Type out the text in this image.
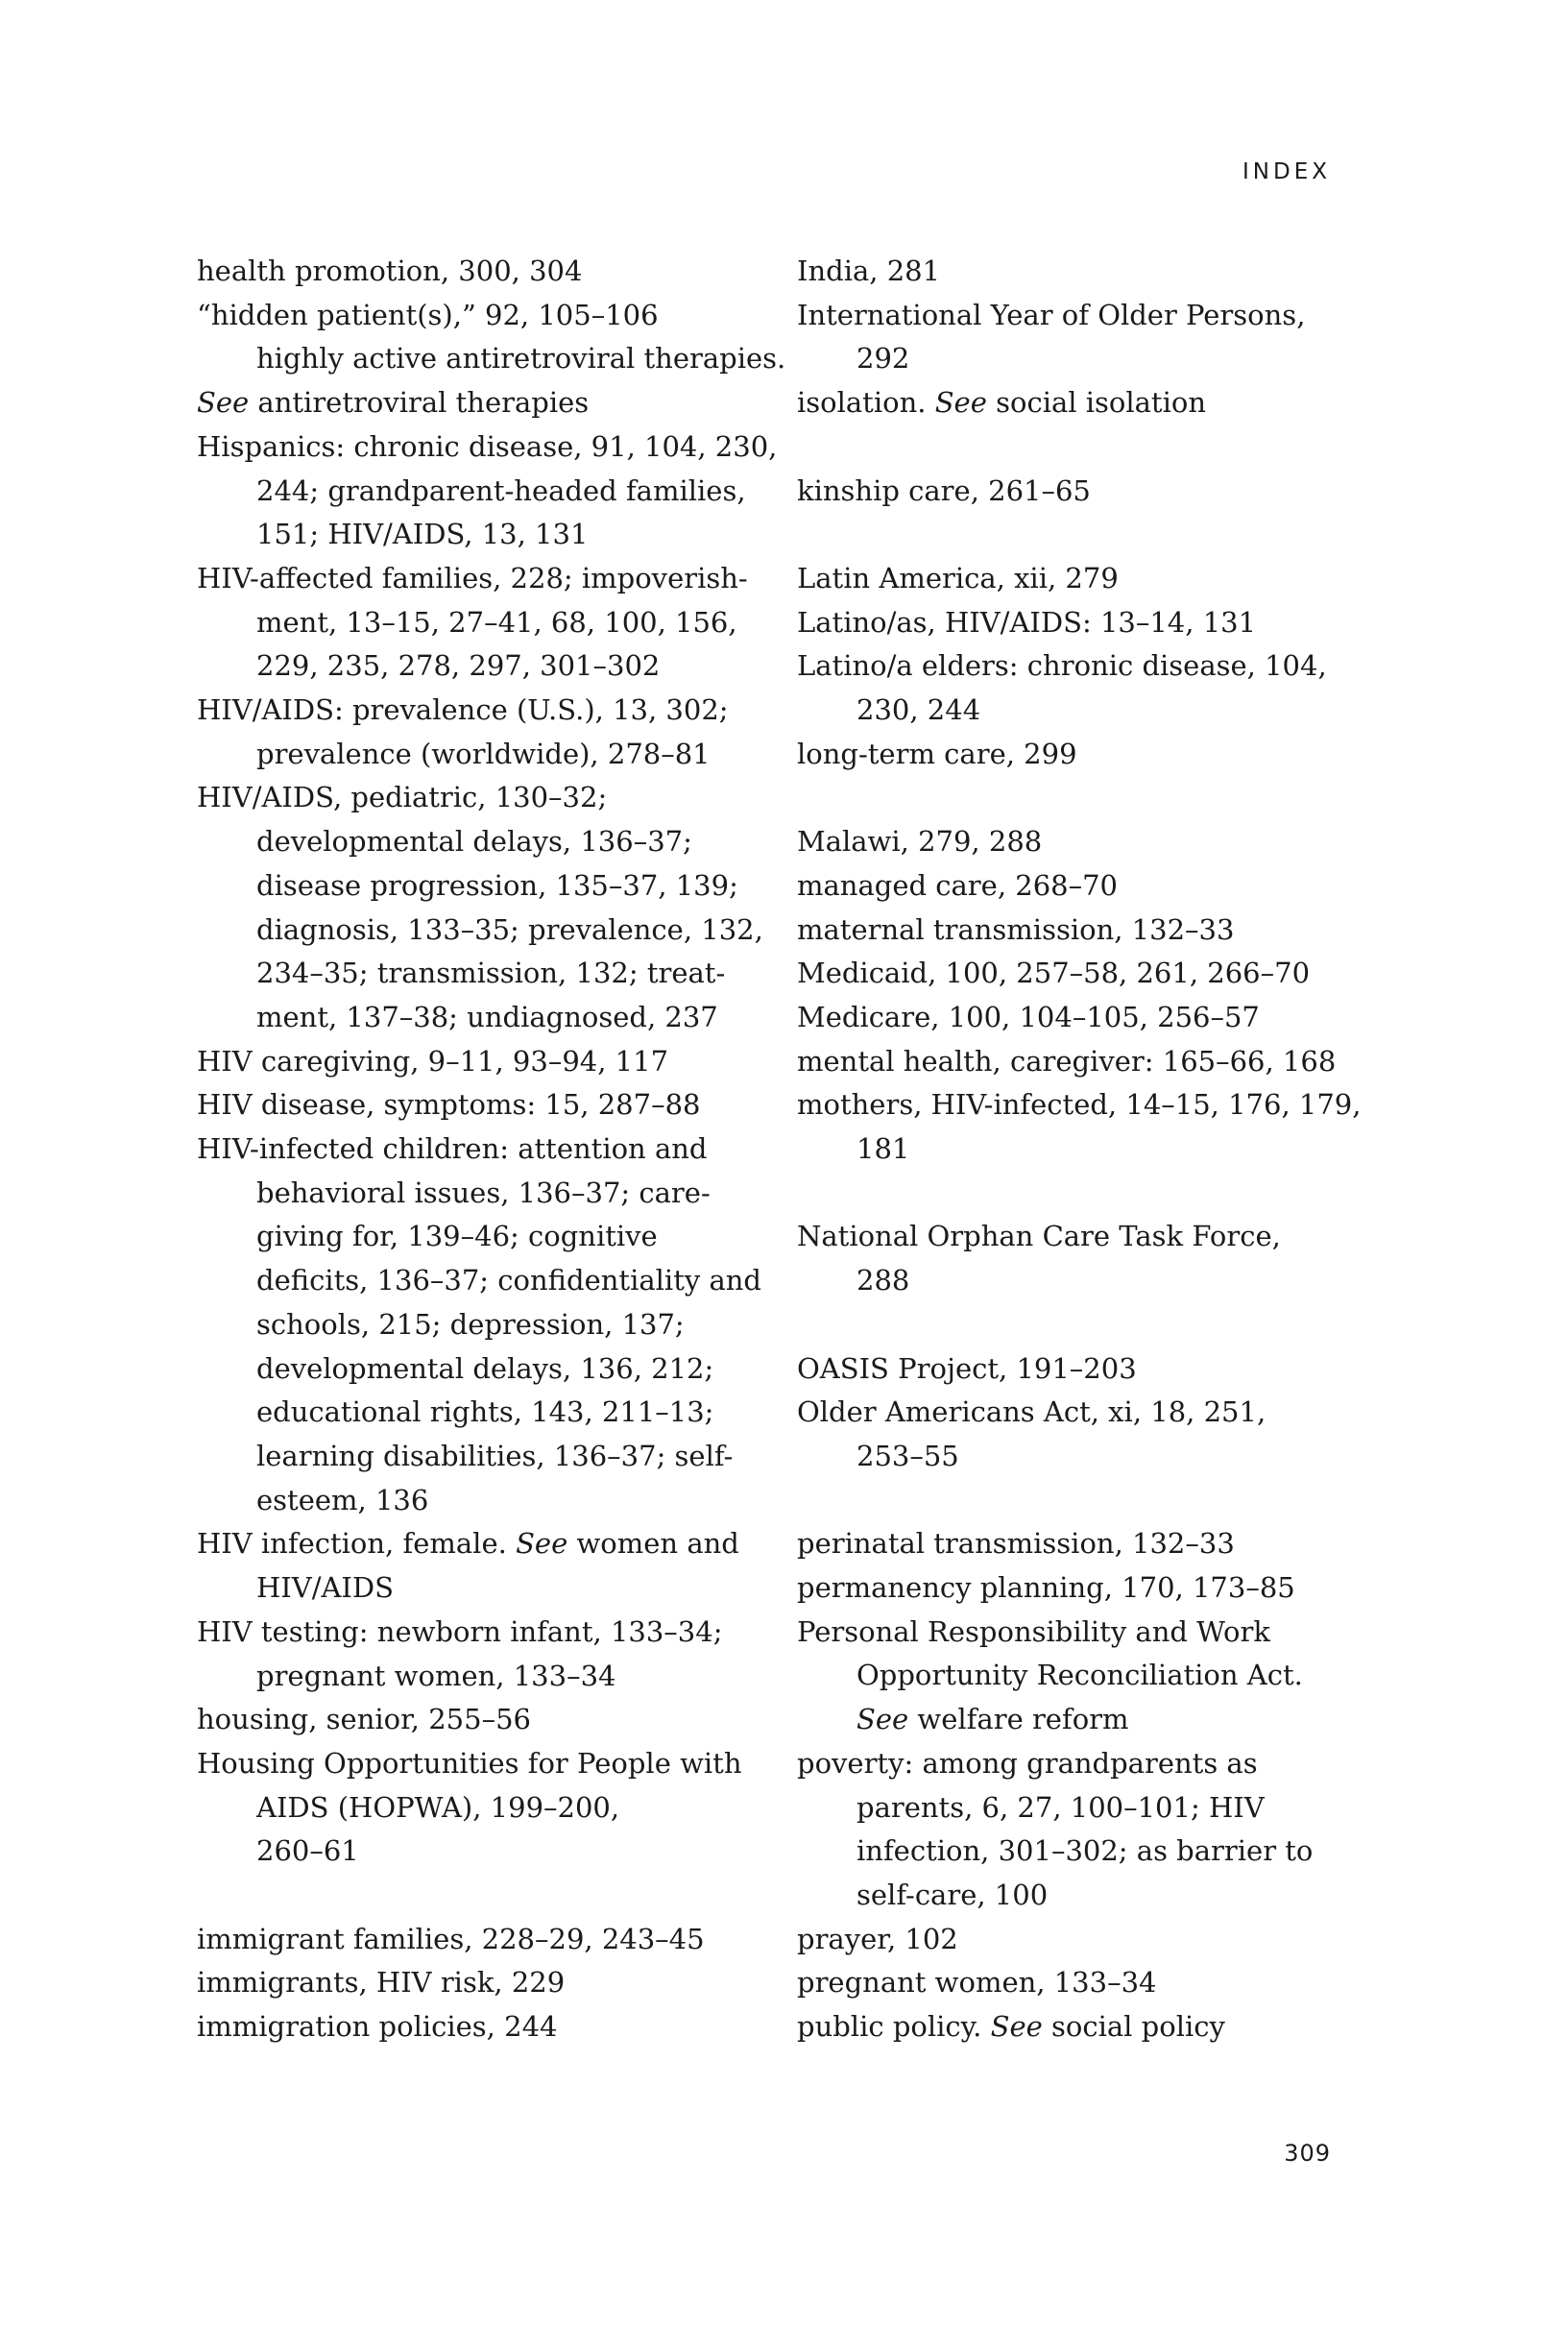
INDEX
health promotion, 300, 304
“hidden patient(s),” 92, 105–106
highly active antiretroviral therapies.
See antiretroviral therapies
Hispanics: chronic disease, 91, 104, 230,
244; grandparent-headed families,
151; HIV/AIDS, 13, 131
HIV-affected families, 228; impoverish-
ment, 13–15, 27–41, 68, 100, 156,
229, 235, 278, 297, 301–302
HIV/AIDS: prevalence (U.S.), 13, 302;
prevalence (worldwide), 278–81
HIV/AIDS, pediatric, 130–32;
developmental delays, 136–37;
disease progression, 135–37, 139;
diagnosis, 133–35; prevalence, 132,
234–35; transmission, 132; treat-
ment, 137–38; undiagnosed, 237
HIV caregiving, 9–11, 93–94, 117
HIV disease, symptoms: 15, 287–88
HIV-infected children: attention and
behavioral issues, 136–37; care-
giving for, 139–46; cognitive
deficits, 136–37; confidentiality and
schools, 215; depression, 137;
developmental delays, 136, 212;
educational rights, 143, 211–13;
learning disabilities, 136–37; self-
esteem, 136
HIV infection, female. See women and
HIV/AIDS
HIV testing: newborn infant, 133–34;
pregnant women, 133–34
housing, senior, 255–56
Housing Opportunities for People with
AIDS (HOPWA), 199–200,
260–61
immigrant families, 228–29, 243–45
immigrants, HIV risk, 229
immigration policies, 244
India, 281
International Year of Older Persons,
292
isolation. See social isolation
kinship care, 261–65
Latin America, xii, 279
Latino/as, HIV/AIDS: 13–14, 131
Latino/a elders: chronic disease, 104,
230, 244
long-term care, 299
Malawi, 279, 288
managed care, 268–70
maternal transmission, 132–33
Medicaid, 100, 257–58, 261, 266–70
Medicare, 100, 104–105, 256–57
mental health, caregiver: 165–66, 168
mothers, HIV-infected, 14–15, 176, 179,
181
National Orphan Care Task Force,
288
OASIS Project, 191–203
Older Americans Act, xi, 18, 251,
253–55
perinatal transmission, 132–33
permanency planning, 170, 173–85
Personal Responsibility and Work
Opportunity Reconciliation Act.
See welfare reform
poverty: among grandparents as
parents, 6, 27, 100–101; HIV
infection, 301–302; as barrier to
self-care, 100
prayer, 102
pregnant women, 133–34
public policy. See social policy
309
